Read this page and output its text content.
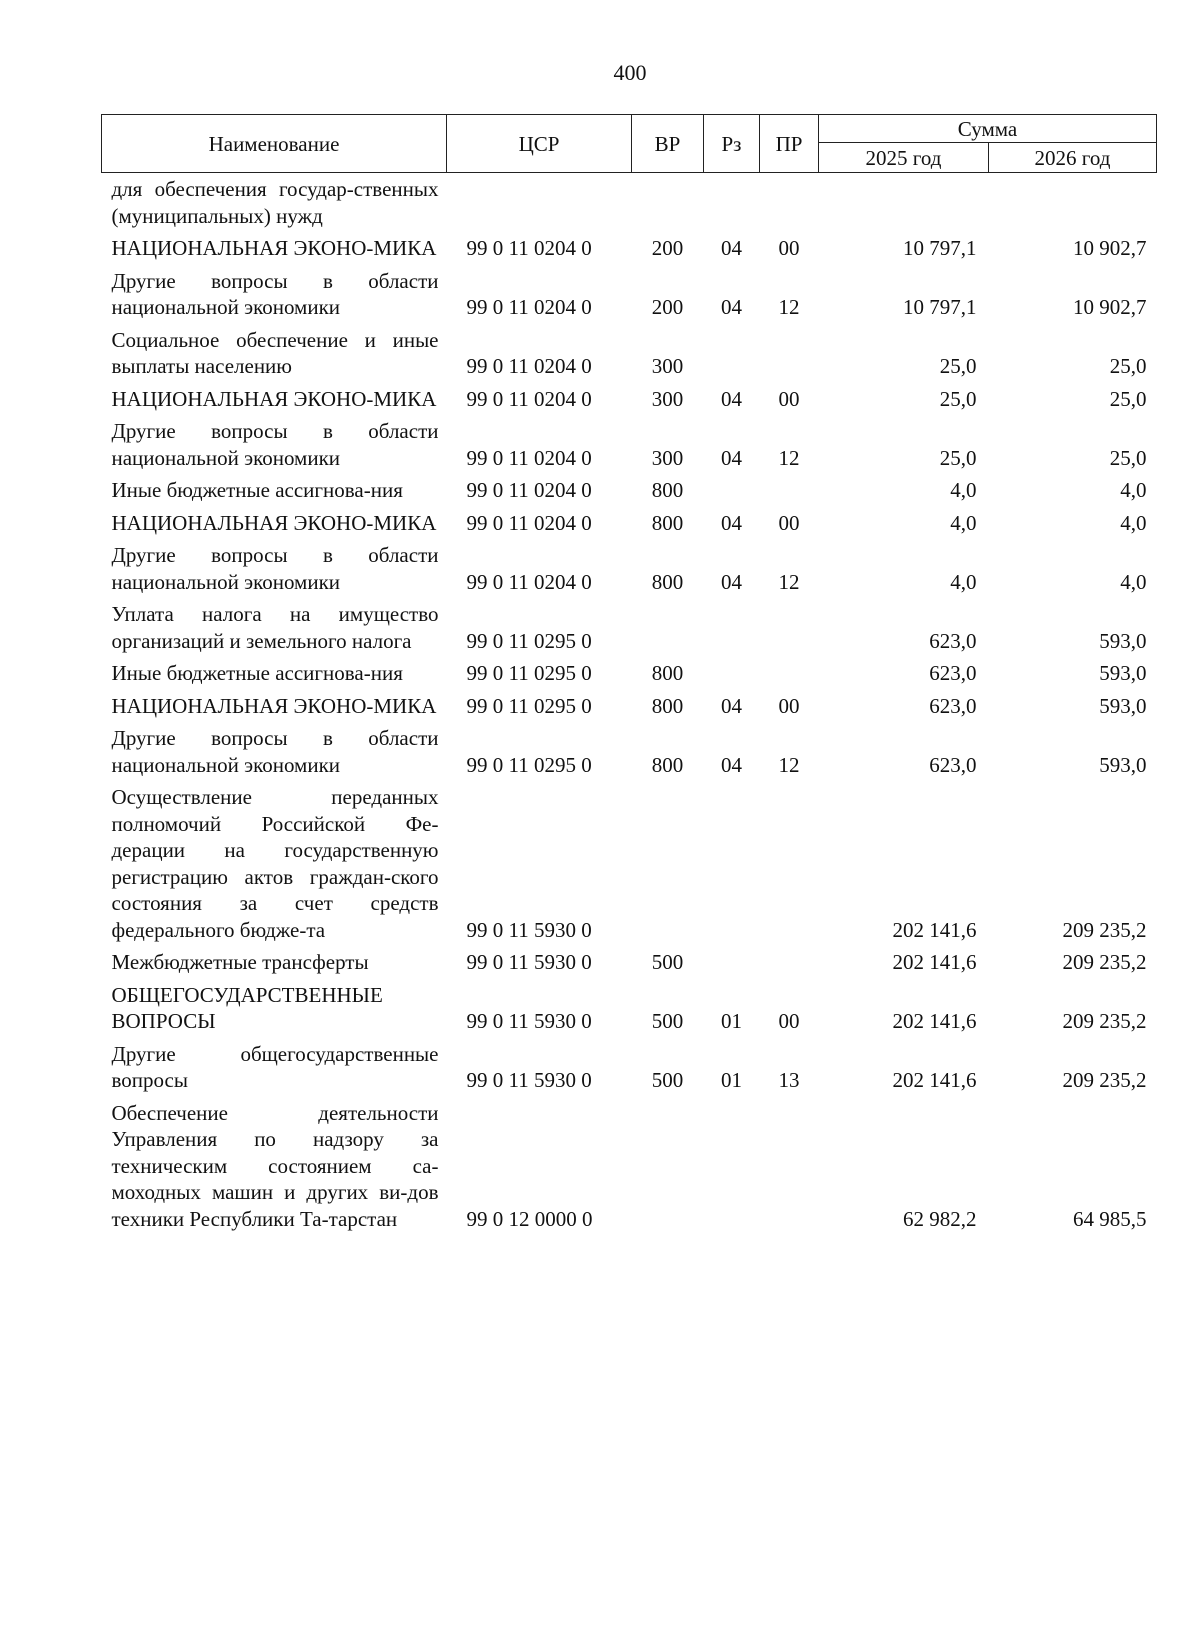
400
Наименование	ЦСР	ВР	Рз	ПР	Сумма	
					2025 год	2026 год
для обеспечения государ-ственных (муниципальных) нужд						
НАЦИОНАЛЬНАЯ ЭКОНО-МИКА	99 0 11 0204 0	200	04	00	10 797,1	10 902,7
Другие вопросы в области национальной экономики	99 0 11 0204 0	200	04	12	10 797,1	10 902,7
Социальное обеспечение и иные выплаты населению	99 0 11 0204 0	300			25,0	25,0
НАЦИОНАЛЬНАЯ ЭКОНО-МИКА	99 0 11 0204 0	300	04	00	25,0	25,0
Другие вопросы в области национальной экономики	99 0 11 0204 0	300	04	12	25,0	25,0
Иные бюджетные ассигнова-ния	99 0 11 0204 0	800			4,0	4,0
НАЦИОНАЛЬНАЯ ЭКОНО-МИКА	99 0 11 0204 0	800	04	00	4,0	4,0
Другие вопросы в области национальной экономики	99 0 11 0204 0	800	04	12	4,0	4,0
Уплата налога на имущество организаций и земельного налога	99 0 11 0295 0				623,0	593,0
Иные бюджетные ассигнова-ния	99 0 11 0295 0	800			623,0	593,0
НАЦИОНАЛЬНАЯ ЭКОНО-МИКА	99 0 11 0295 0	800	04	00	623,0	593,0
Другие вопросы в области национальной экономики	99 0 11 0295 0	800	04	12	623,0	593,0
Осуществление переданных полномочий Российской Фе-дерации на государственную регистрацию актов граждан-ского состояния за счет средств федерального бюдже-та	99 0 11 5930 0				202 141,6	209 235,2
Межбюджетные трансферты	99 0 11 5930 0	500			202 141,6	209 235,2
ОБЩЕГОСУДАРСТВЕННЫЕ ВОПРОСЫ	99 0 11 5930 0	500	01	00	202 141,6	209 235,2
Другие общегосударственные вопросы	99 0 11 5930 0	500	01	13	202 141,6	209 235,2
Обеспечение деятельности Управления по надзору за техническим состоянием са-моходных машин и других ви-дов техники Республики Та-тарстан	99 0 12 0000 0				62 982,2	64 985,5
